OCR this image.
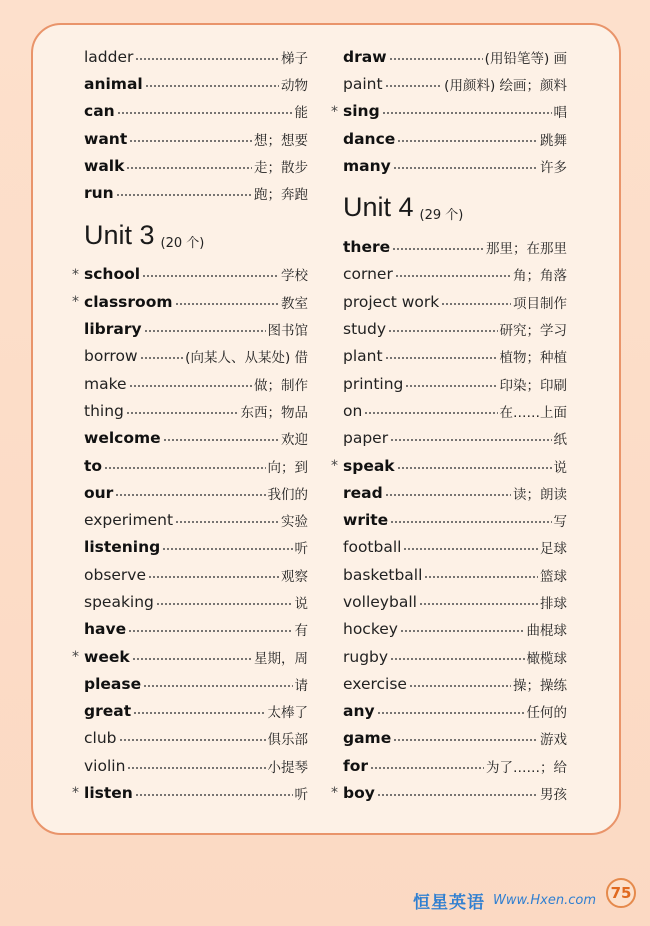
ladder	梯子
animal	动物
can	能
want	想；想要
walk	走；散步
run	跑；奔跑
Unit 3 (20 个)
* school	学校
* classroom	教室
library	图书馆
borrow	(向某人、从某处) 借
make	做；制作
thing	东西；物品
welcome	欢迎
to	向；到
our	我们的
experiment	实验
listening	听
observe	观察
speaking	说
have	有
* week	星期，周
please	请
great	太棒了
club	俱乐部
violin	小提琴
* listen	听
draw	(用铅笔等) 画
paint	(用颜料) 绘画；颜料
* sing	唱
dance	跳舞
many	许多
Unit 4 (29 个)
there	那里；在那里
corner	角；角落
project work	项目制作
study	研究；学习
plant	植物；种植
printing	印染；印刷
on	在……上面
paper	纸
* speak	说
read	读；朗读
write	写
football	足球
basketball	篮球
volleyball	排球
hockey	曲棍球
rugby	橄榄球
exercise	操；操练
any	任何的
game	游戏
for	为了……；给
* boy	男孩
恒星英语 Www.Hxen.com 75
